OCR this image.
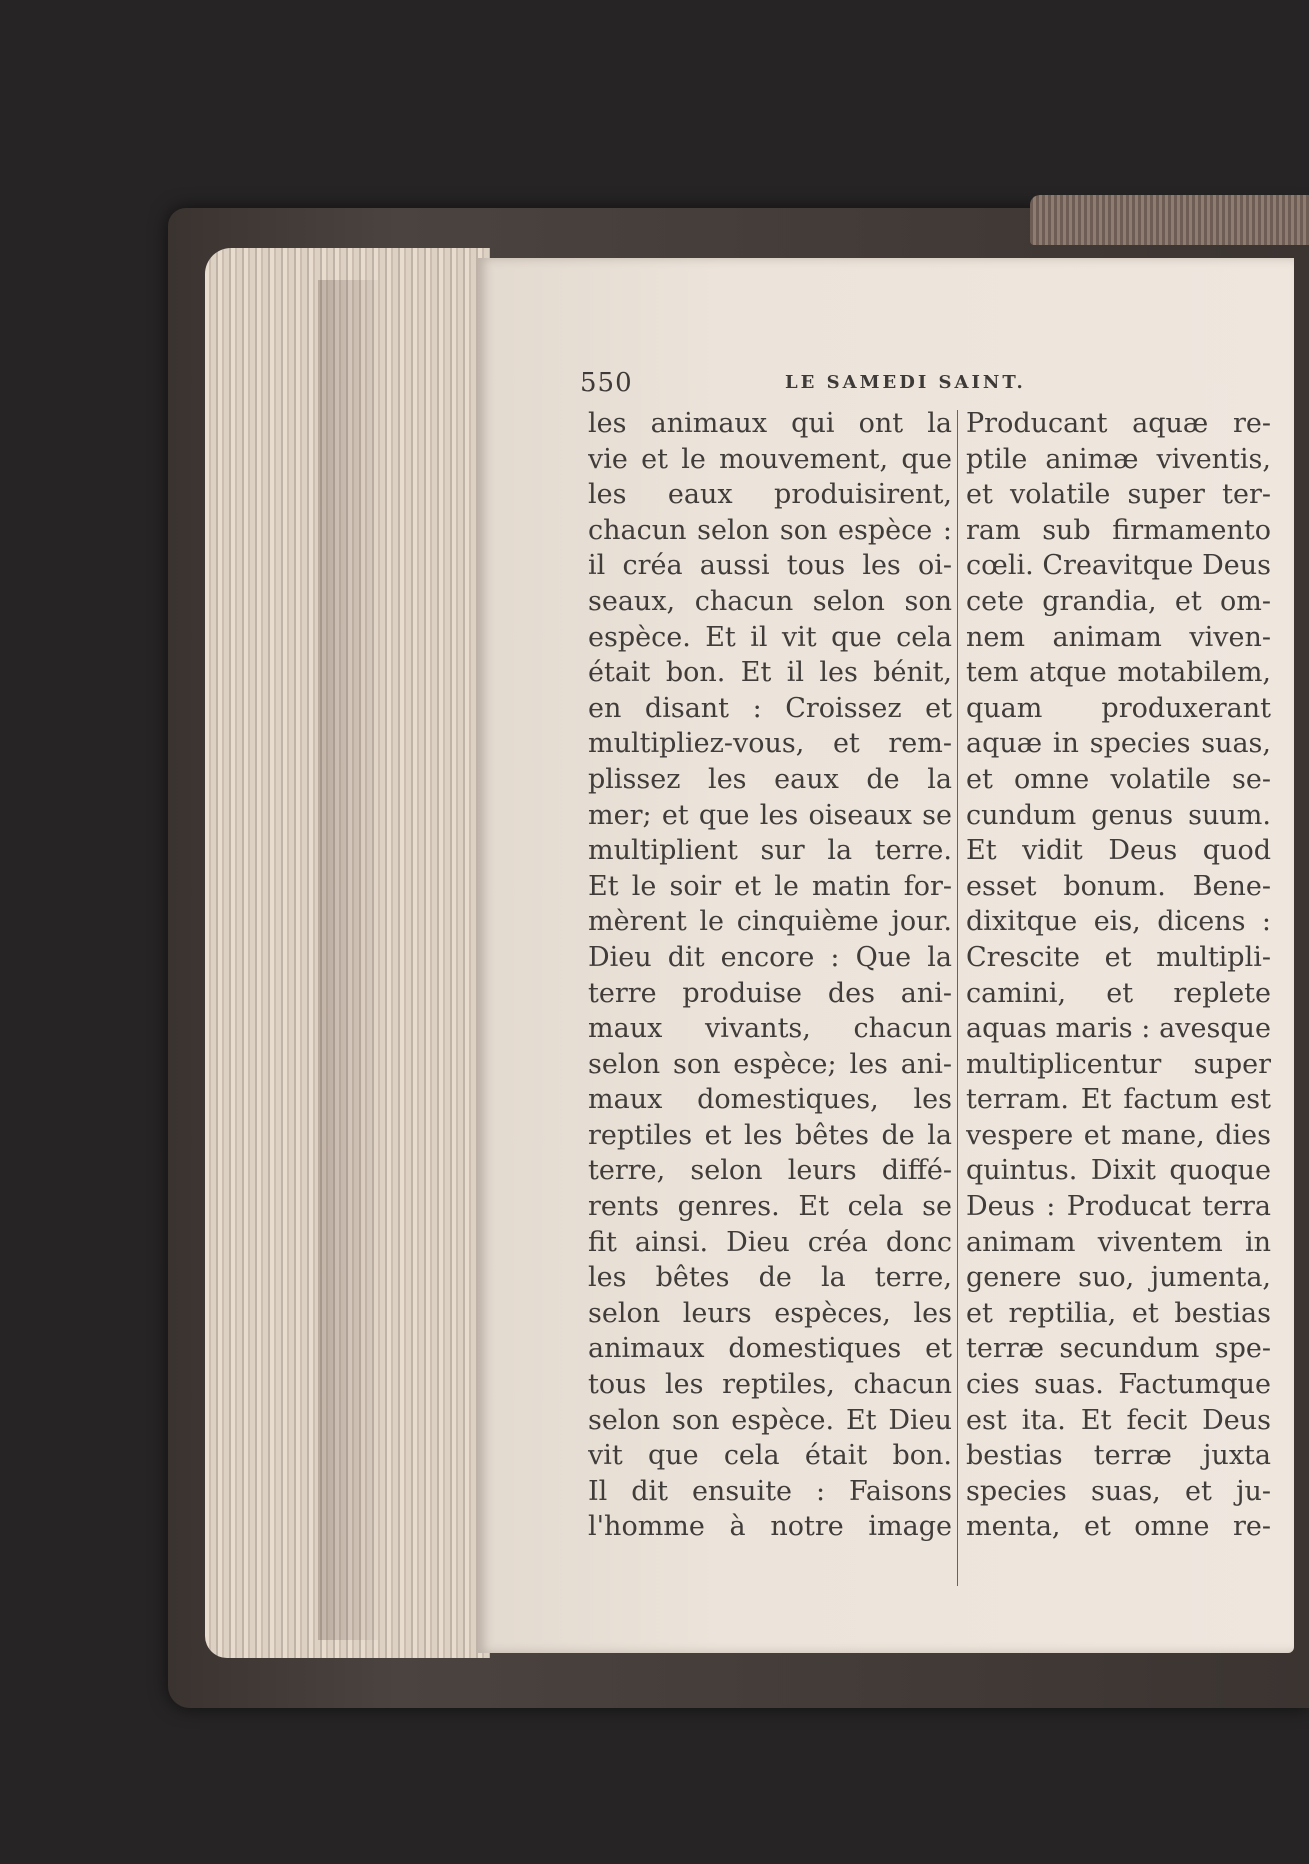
550	LE SAMEDI SAINT.
les animaux qui ont la
vie et le mouvement, que
les eaux produisirent,
chacun selon son espèce :
il créa aussi tous les oi-
seaux, chacun selon son
espèce. Et il vit que cela
était bon. Et il les bénit,
en disant : Croissez et
multipliez-vous, et rem-
plissez les eaux de la
mer; et que les oiseaux se
multiplient sur la terre.
Et le soir et le matin for-
mèrent le cinquième jour.
Dieu dit encore : Que la
terre produise des ani-
maux vivants, chacun
selon son espèce; les ani-
maux domestiques, les
reptiles et les bêtes de la
terre, selon leurs diffé-
rents genres. Et cela se
fit ainsi. Dieu créa donc
les bêtes de la terre,
selon leurs espèces, les
animaux domestiques et
tous les reptiles, chacun
selon son espèce. Et Dieu
vit que cela était bon.
Il dit ensuite : Faisons
l'homme à notre image
Producant aquæ re-
ptile animæ viventis,
et volatile super ter-
ram sub firmamento
cœli. Creavitque Deus
cete grandia, et om-
nem animam viven-
tem atque motabilem,
quam produxerant
aquæ in species suas,
et omne volatile se-
cundum genus suum.
Et vidit Deus quod
esset bonum. Bene-
dixitque eis, dicens :
Crescite et multipli-
camini, et replete
aquas maris : avesque
multiplicentur super
terram. Et factum est
vespere et mane, dies
quintus. Dixit quoque
Deus : Producat terra
animam viventem in
genere suo, jumenta,
et reptilia, et bestias
terræ secundum spe-
cies suas. Factumque
est ita. Et fecit Deus
bestias terræ juxta
species suas, et ju-
menta, et omne re-
